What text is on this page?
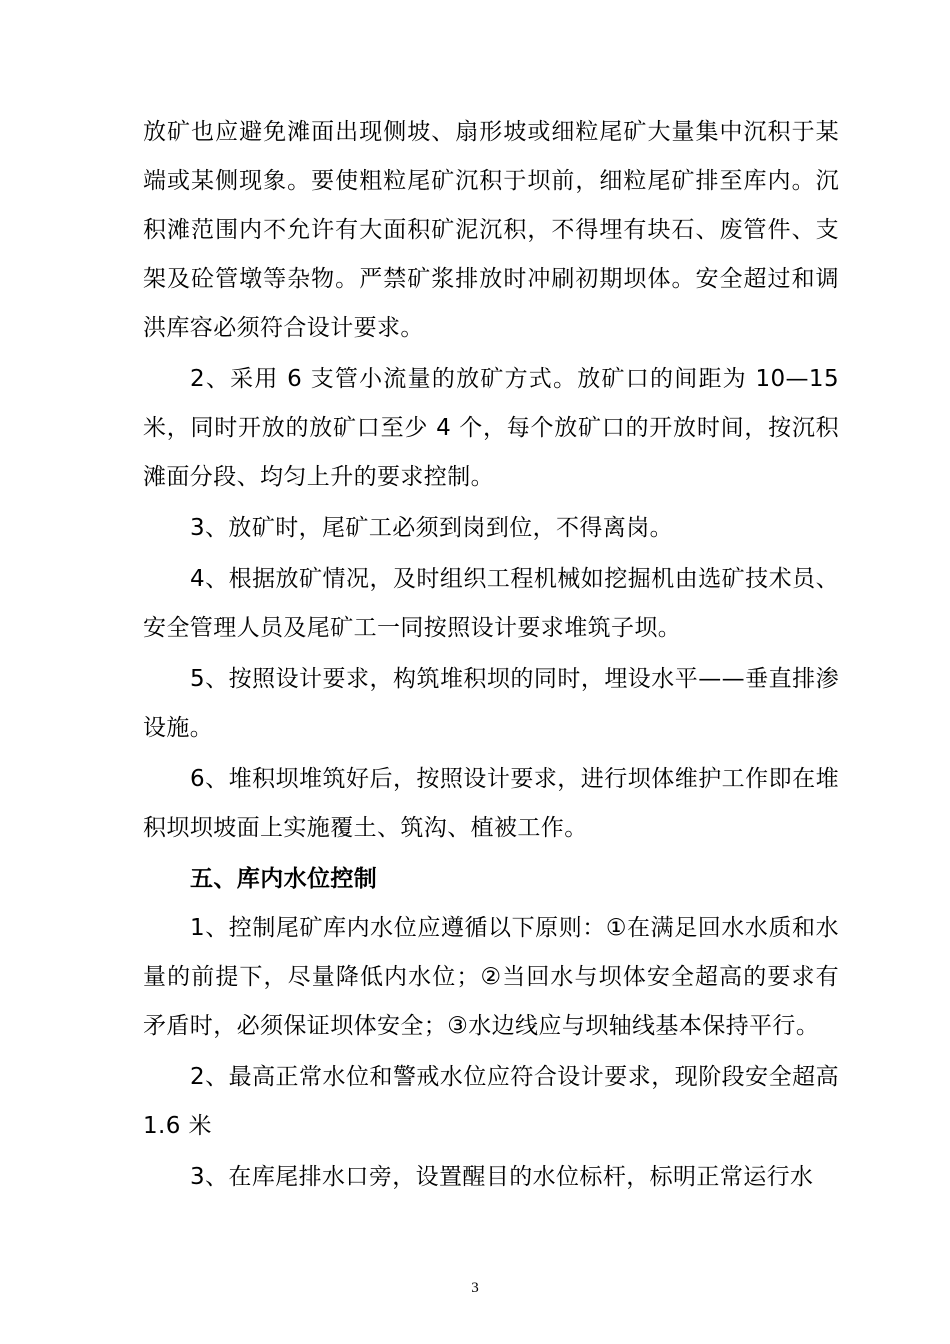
放矿也应避免滩面出现侧坡、扇形坡或细粒尾矿大量集中沉积于某端或某侧现象。要使粗粒尾矿沉积于坝前，细粒尾矿排至库内。沉积滩范围内不允许有大面积矿泥沉积，不得埋有块石、废管件、支架及砼管墩等杂物。严禁矿浆排放时冲刷初期坝体。安全超过和调洪库容必须符合设计要求。

2、采用 6 支管小流量的放矿方式。放矿口的间距为 10—15 米，同时开放的放矿口至少 4 个，每个放矿口的开放时间，按沉积滩面分段、均匀上升的要求控制。

3、放矿时，尾矿工必须到岗到位，不得离岗。

4、根据放矿情况，及时组织工程机械如挖掘机由选矿技术员、安全管理人员及尾矿工一同按照设计要求堆筑子坝。

5、按照设计要求，构筑堆积坝的同时，埋设水平——垂直排渗设施。

6、堆积坝堆筑好后，按照设计要求，进行坝体维护工作即在堆积坝坝坡面上实施覆土、筑沟、植被工作。

五、库内水位控制

1、控制尾矿库内水位应遵循以下原则：①在满足回水水质和水量的前提下，尽量降低内水位；②当回水与坝体安全超高的要求有矛盾时，必须保证坝体安全；③水边线应与坝轴线基本保持平行。

2、最高正常水位和警戒水位应符合设计要求，现阶段安全超高 1.6 米

3、在库尾排水口旁，设置醒目的水位标杆，标明正常运行水

3
